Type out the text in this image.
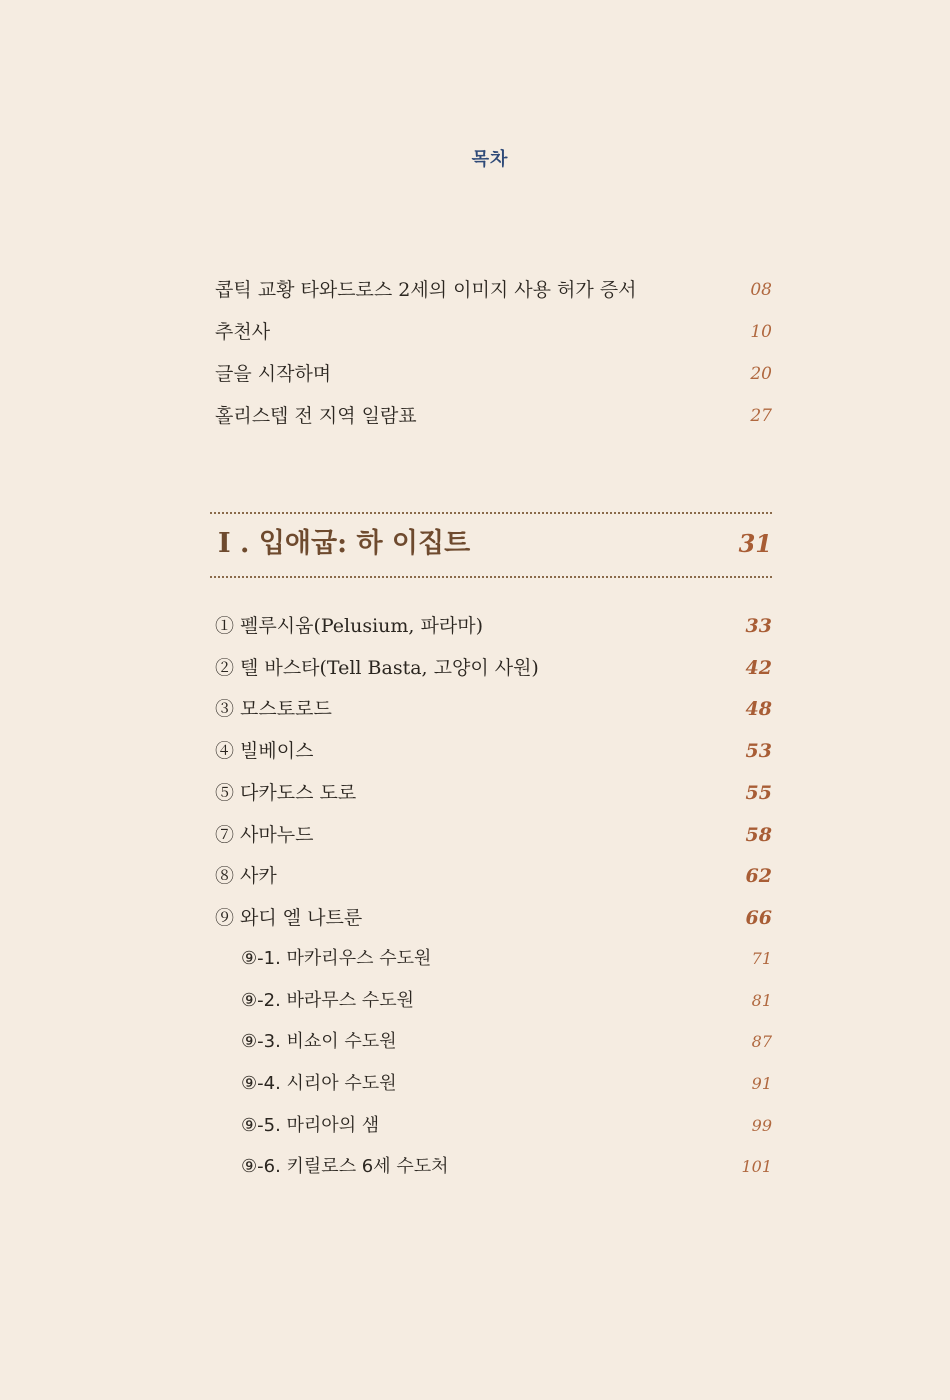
목차
콥틱 교황 타와드로스 2세의 이미지 사용 허가 증서	08
추천사	10
글을 시작하며	20
홀리스텝 전 지역 일람표	27
I . 입애굽: 하 이집트	31
① 펠루시움(Pelusium, 파라마)	33
② 텔 바스타(Tell Basta, 고양이 사원)	42
③ 모스토로드	48
④ 빌베이스	53
⑤ 다카도스 도로	55
⑦ 사마누드	58
⑧ 사카	62
⑨ 와디 엘 나트룬	66
⑨-1. 마카리우스 수도원	71
⑨-2. 바라무스 수도원	81
⑨-3. 비쇼이 수도원	87
⑨-4. 시리아 수도원	91
⑨-5. 마리아의 샘	99
⑨-6. 키릴로스 6세 수도처	101
